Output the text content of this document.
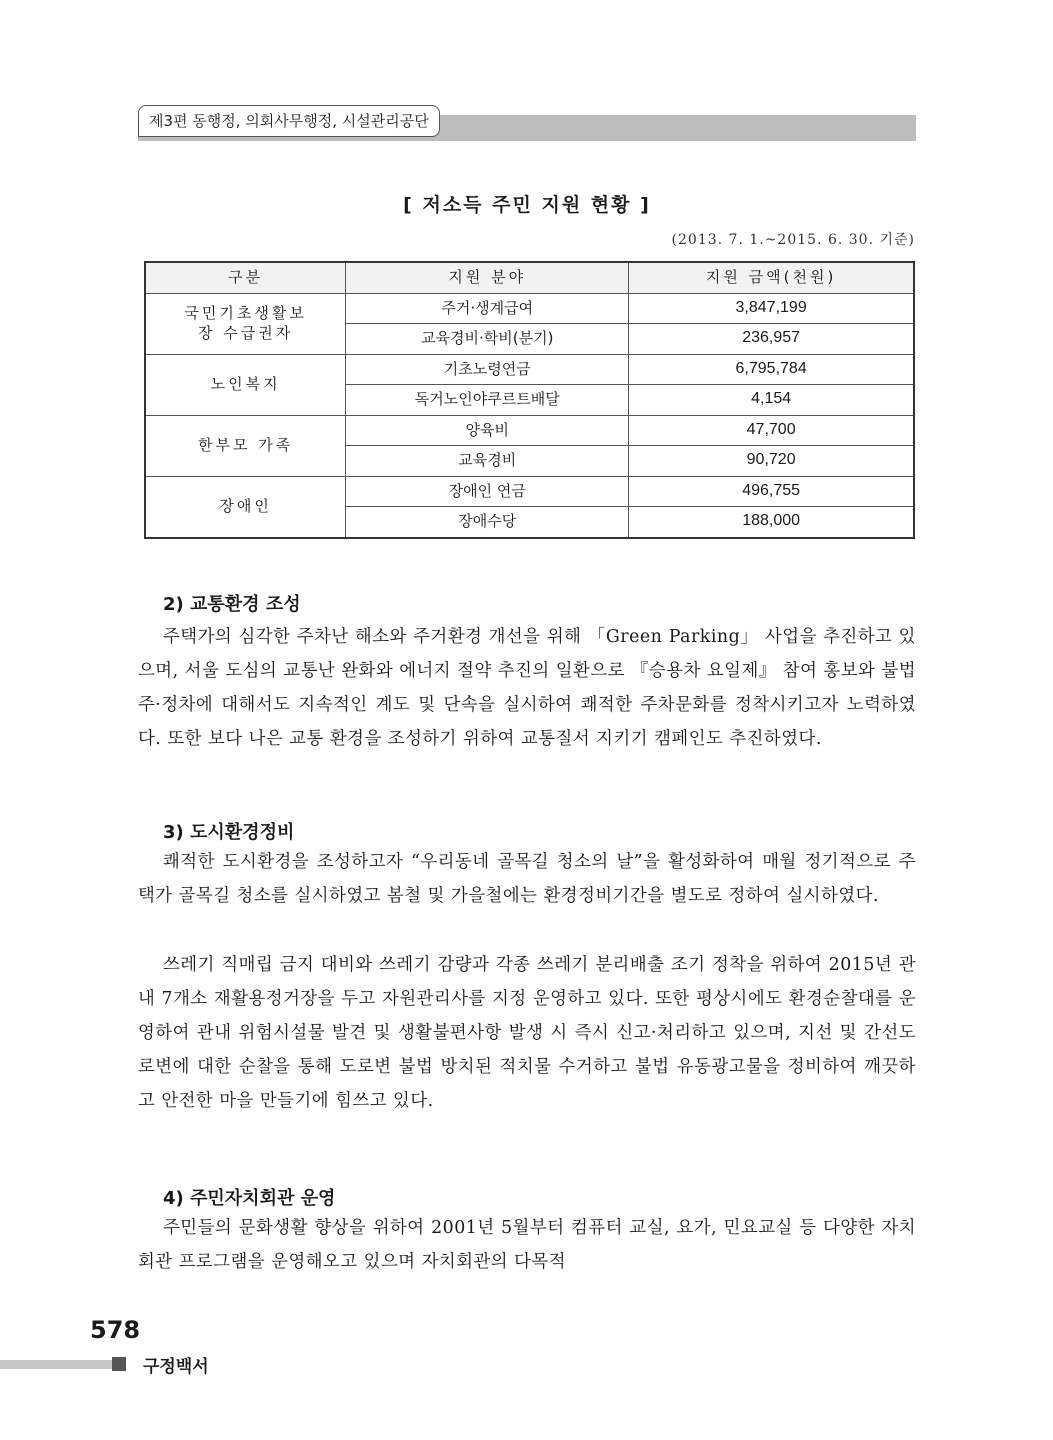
제3편 동행정, 의회사무행정, 시설관리공단
[ 저소득 주민 지원 현황 ]
(2013. 7. 1.~2015. 6. 30. 기준)
구분	지원 분야	지원 금액(천원)
국민기초생활보장 수급권자	주거·생계급여	3,847,199
	교육경비·학비(분기)	236,957
노인복지	기초노령연금	6,795,784
	독거노인야쿠르트배달	4,154
한부모 가족	양육비	47,700
	교육경비	90,720
장애인	장애인 연금	496,755
	장애수당	188,000
2) 교통환경 조성

주택가의 심각한 주차난 해소와 주거환경 개선을 위해 「Green Parking」 사업을 추진하고 있으며, 서울 도심의 교통난 완화와 에너지 절약 추진의 일환으로 『승용차 요일제』 참여 홍보와 불법 주·정차에 대해서도 지속적인 계도 및 단속을 실시하여 쾌적한 주차문화를 정착시키고자 노력하였다. 또한 보다 나은 교통 환경을 조성하기 위하여 교통질서 지키기 캠페인도 추진하였다.

3) 도시환경정비

쾌적한 도시환경을 조성하고자 “우리동네 골목길 청소의 날”을 활성화하여 매월 정기적으로 주택가 골목길 청소를 실시하였고 봄철 및 가을철에는 환경정비기간을 별도로 정하여 실시하였다.

쓰레기 직매립 금지 대비와 쓰레기 감량과 각종 쓰레기 분리배출 조기 정착을 위하여 2015년 관내 7개소 재활용정거장을 두고 자원관리사를 지정 운영하고 있다. 또한 평상시에도 환경순찰대를 운영하여 관내 위험시설물 발견 및 생활불편사항 발생 시 즉시 신고·처리하고 있으며, 지선 및 간선도로변에 대한 순찰을 통해 도로변 불법 방치된 적치물 수거하고 불법 유동광고물을 정비하여 깨끗하고 안전한 마을 만들기에 힘쓰고 있다.

4) 주민자치회관 운영

주민들의 문화생활 향상을 위하여 2001년 5월부터 컴퓨터 교실, 요가, 민요교실 등 다양한 자치회관 프로그램을 운영해오고 있으며 자치회관의 다목적

578
구정백서
